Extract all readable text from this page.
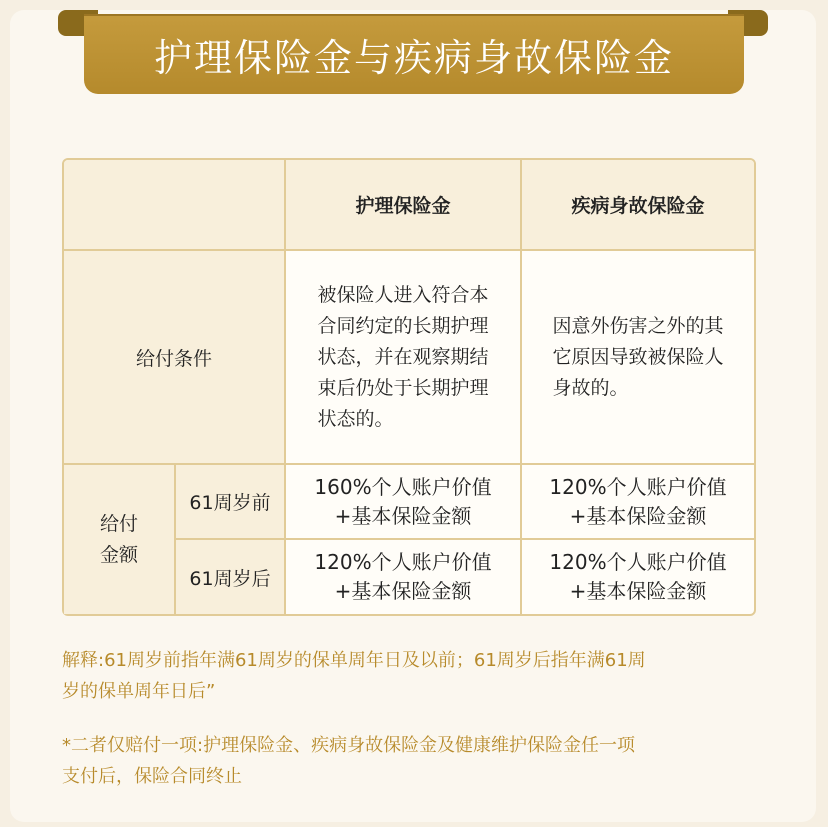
护理保险金与疾病身故保险金
护理保险金	疾病身故保险金
给付条件
被保险人进入符合本
合同约定的长期护理
状态，并在观察期结
束后仍处于长期护理
状态的。
因意外伤害之外的其
它原因导致被保险人
身故的。
给付
金额
61周岁前
160%个人账户价值
+基本保险金额
120%个人账户价值
+基本保险金额
61周岁后
120%个人账户价值
+基本保险金额
120%个人账户价值
+基本保险金额
解释:61周岁前指年满61周岁的保单周年日及以前；61周岁后指年满61周
岁的保单周年日后”
*二者仅赔付一项:护理保险金、疾病身故保险金及健康维护保险金任一项
支付后，保险合同终止
